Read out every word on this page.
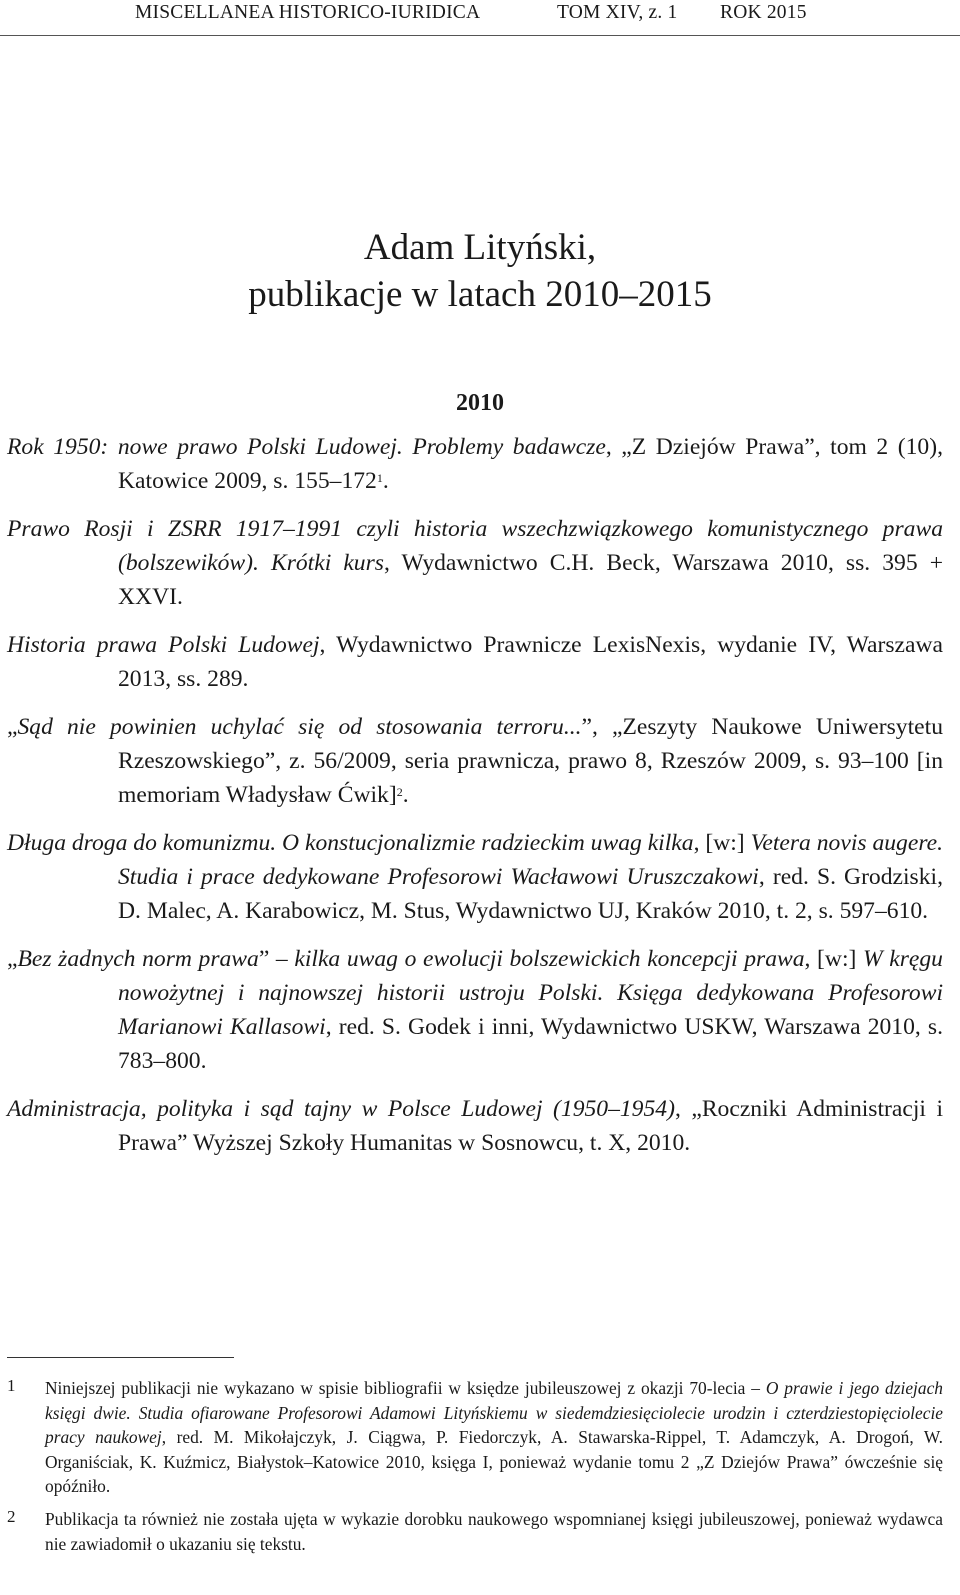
MISCELLANEA HISTORICO-IURIDICA	TOM XIV, z. 1 ROK 2015
Adam Lityński,
publikacje w latach 2010–2015
2010

Rok 1950: nowe prawo Polski Ludowej. Problemy badawcze, „Z Dziejów Prawa”, tom 2 (10), Katowice 2009, s. $155-172^1$.

Prawo Rosji i ZSRR 1917–1991 czyli historia wszechzwiązkowego komunistycznego prawa (bolszewików). Krótki kurs, Wydawnictwo C.H. Beck, Warszawa 2010, ss. 395 + XXVI.

Historia prawa Polski Ludowej, Wydawnictwo Prawnicze LexisNexis, wydanie IV, Warszawa 2013, ss. 289.

„Sąd nie powinien uchylać się od stosowania terroru...”, „Zeszyty Naukowe Uniwersytetu Rzeszowskiego”, z. 56/2009, seria prawnicza, prawo 8, Rzeszów 2009, s. 93–100 [in memoriam Władysław Ćwik]$^2$.

Długa droga do komunizmu. O konstucjonalizmie radzieckim uwag kilka, [w:] Vetera novis augere. Studia i prace dedykowane Profesorowi Wacławowi Uruszczakowi, red. S. Grodziski, D. Malec, A. Karabowicz, M. Stus, Wydawnictwo UJ, Kraków 2010, t. 2, s. 597–610.

„Bez żadnych norm prawa” – kilka uwag o ewolucji bolszewickich koncepcji prawa, [w:] W kręgu nowożytnej i najnowszej historii ustroju Polski. Księga dedykowana Profesorowi Marianowi Kallasowi, red. S. Godek i inni, Wydawnictwo USKW, Warszawa 2010, s. 783–800.

Administracja, polityka i sąd tajny w Polsce Ludowej (1950–1954), „Roczniki Administracji i Prawa” Wyższej Szkoły Humanitas w Sosnowcu, t. X, 2010.

1 Niniejszej publikacji nie wykazano w spisie bibliografii w księdze jubileuszowej z okazji 70-lecia – O prawie i jego dziejach księgi dwie. Studia ofiarowane Profesorowi Adamowi Lityńskiemu w siedemdziesięciolecie urodzin i czterdziestopięciolecie pracy naukowej, red. M. Mikołajczyk, J. Ciągwa, P. Fiedorczyk, A. Stawarska-Rippel, T. Adamczyk, A. Drogoń, W. Organiściak, K. Kuźmicz, Białystok–Katowice 2010, księga I, ponieważ wydanie tomu 2 „Z Dziejów Prawa” ówcześnie się opóźniło.
2 Publikacja ta również nie została ujęta w wykazie dorobku naukowego wspomnianej księgi jubileuszowej, ponieważ wydawca nie zawiadomił o ukazaniu się tekstu.
